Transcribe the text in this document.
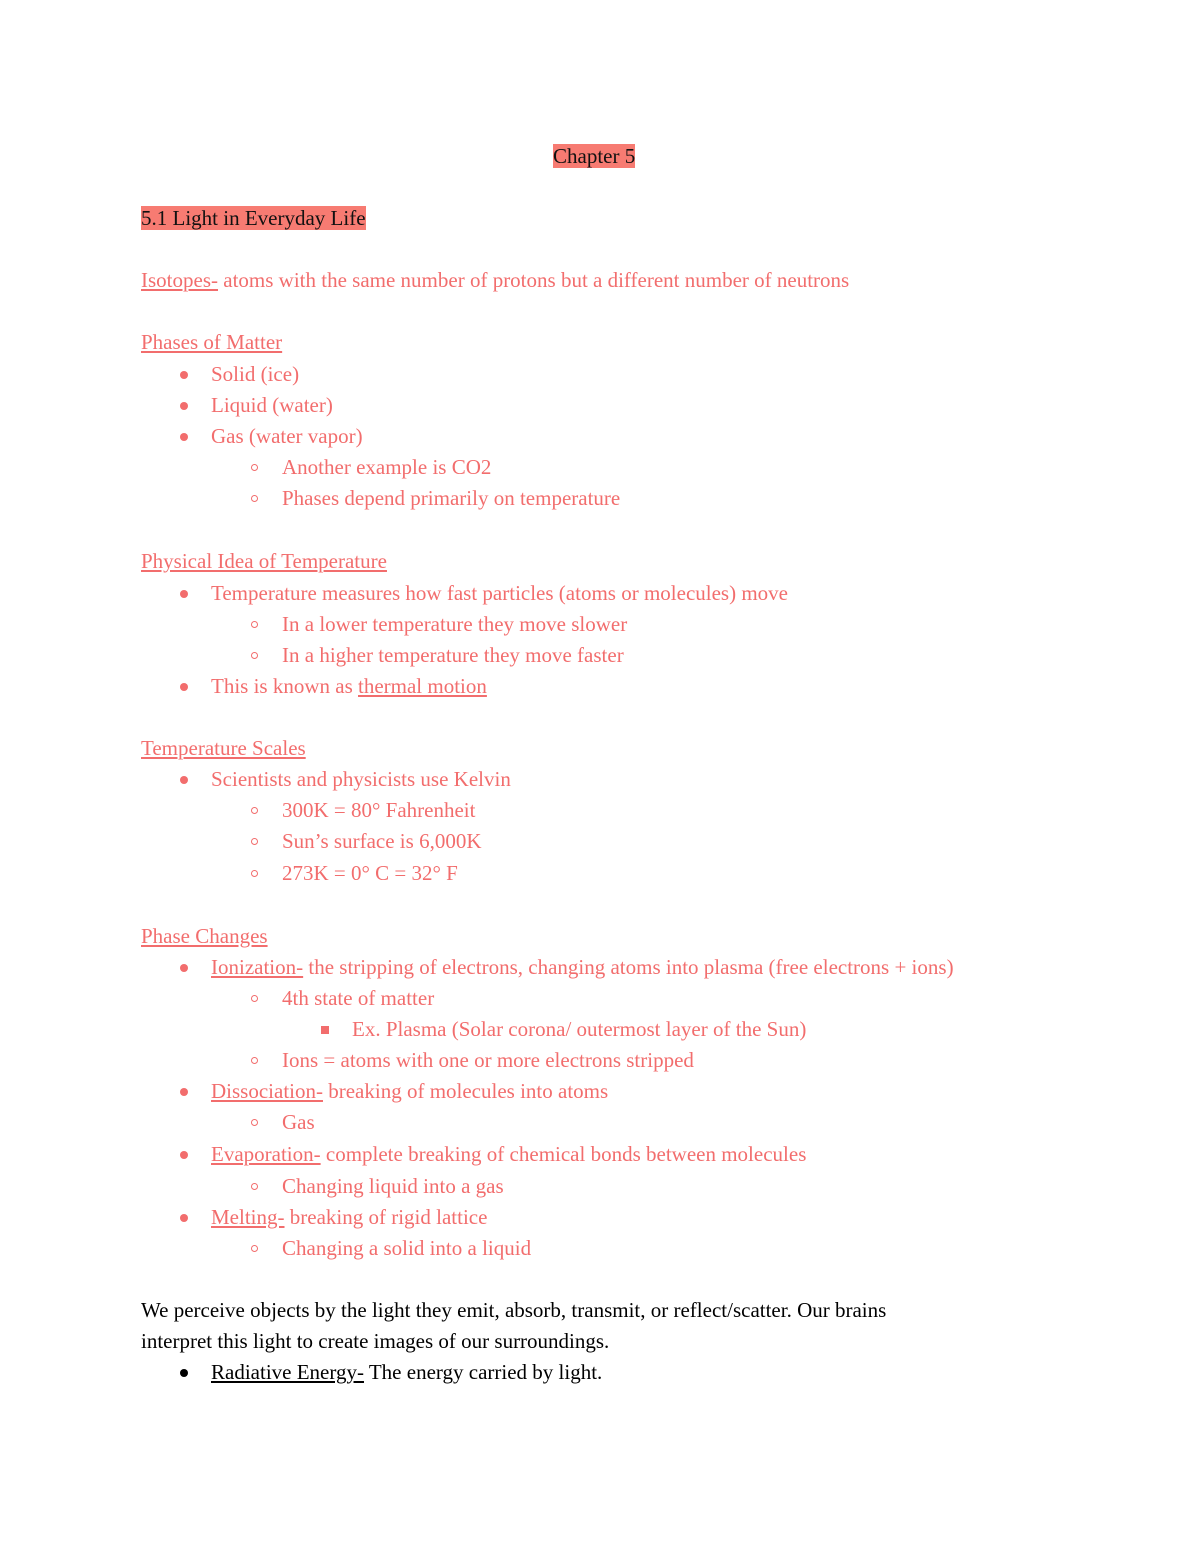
Chapter 5
5.1 Light in Everyday Life
Isotopes- atoms with the same number of protons but a different number of neutrons
Phases of Matter
Solid (ice)
Liquid (water)
Gas (water vapor)
Another example is CO2
Phases depend primarily on temperature
Physical Idea of Temperature
Temperature measures how fast particles (atoms or molecules) move
In a lower temperature they move slower
In a higher temperature they move faster
This is known as thermal motion
Temperature Scales
Scientists and physicists use Kelvin
300K = 80° Fahrenheit
Sun’s surface is 6,000K
273K = 0° C = 32° F
Phase Changes
Ionization- the stripping of electrons, changing atoms into plasma (free electrons + ions)
4th state of matter
Ex. Plasma (Solar corona/ outermost layer of the Sun)
Ions = atoms with one or more electrons stripped
Dissociation- breaking of molecules into atoms
Gas
Evaporation- complete breaking of chemical bonds between molecules
Changing liquid into a gas
Melting- breaking of rigid lattice
Changing a solid into a liquid
We perceive objects by the light they emit, absorb, transmit, or reflect/scatter. Our brains
interpret this light to create images of our surroundings.
Radiative Energy- The energy carried by light.
